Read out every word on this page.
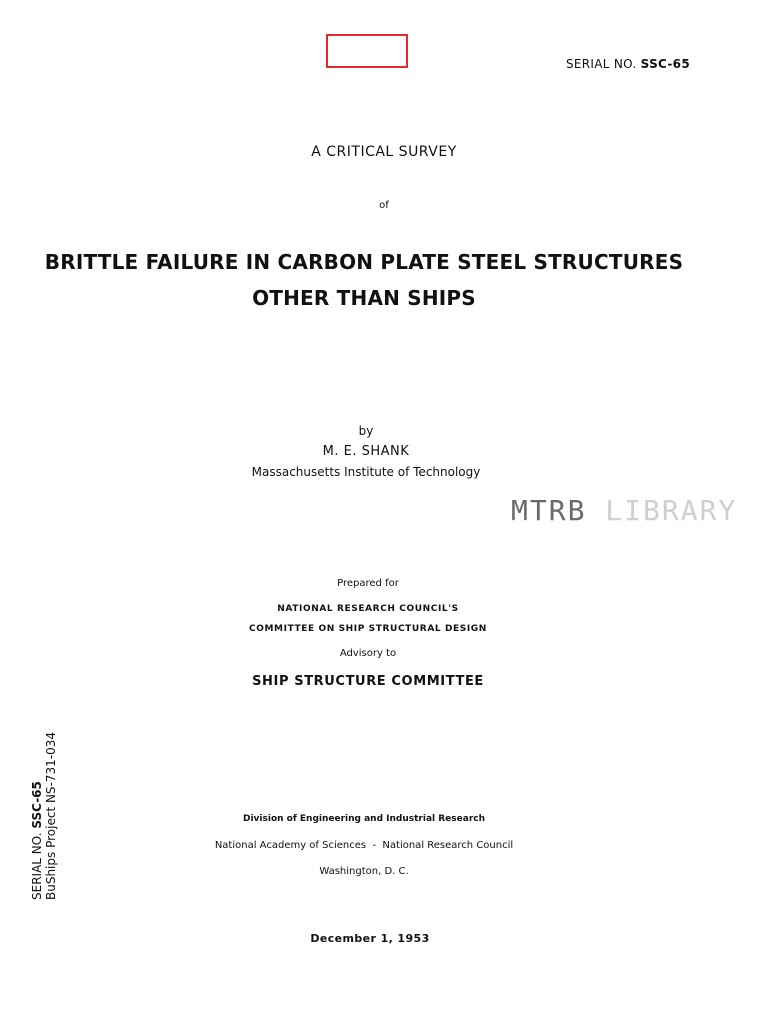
SERIAL NO. SSC-65
A CRITICAL SURVEY
of
BRITTLE FAILURE IN CARBON PLATE STEEL STRUCTURES
OTHER THAN SHIPS
by
M. E. SHANK
Massachusetts Institute of Technology
MTRB LIBRARY
Prepared for
NATIONAL RESEARCH COUNCIL'S
COMMITTEE ON SHIP STRUCTURAL DESIGN
Advisory to
SHIP STRUCTURE COMMITTEE
SERIAL NO. SSC-65 BuShips Project NS-731-034	Division of Engineering and Industrial Research
National Academy of Sciences  -  National Research Council
Washington, D. C.
December 1, 1953
